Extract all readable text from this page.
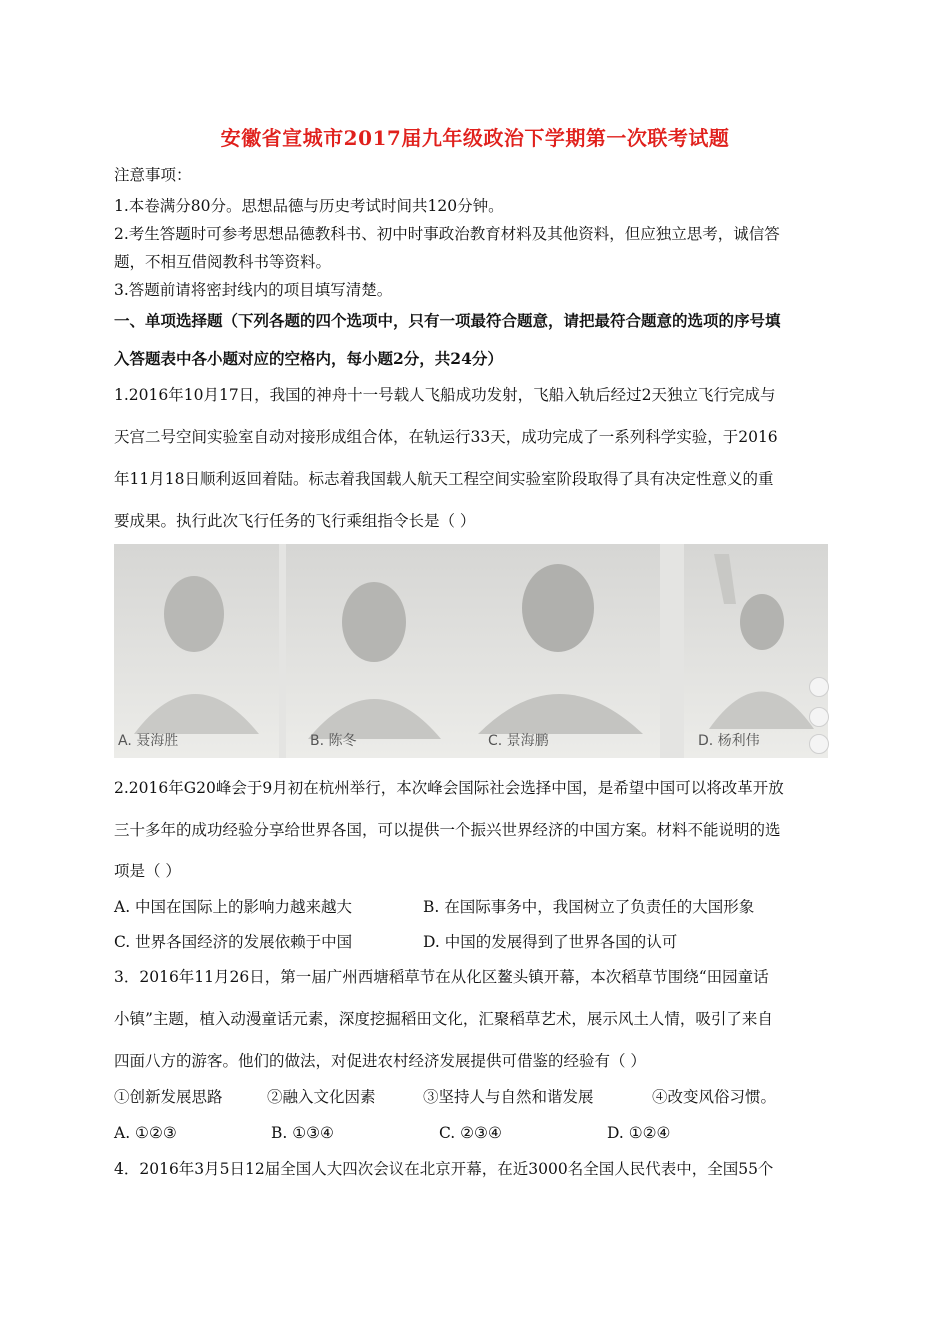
安徽省宣城市2017届九年级政治下学期第一次联考试题
注意事项：
1.本卷满分80分。思想品德与历史考试时间共120分钟。
2.考生答题时可参考思想品德教科书、初中时事政治教育材料及其他资料，但应独立思考，诚信答
题，不相互借阅教科书等资料。
3.答题前请将密封线内的项目填写清楚。
一、单项选择题（下列各题的四个选项中，只有一项最符合题意，请把最符合题意的选项的序号填
入答题表中各小题对应的空格内，每小题2分，共24分）
1.2016年10月17日，我国的神舟十一号载人飞船成功发射，飞船入轨后经过2天独立飞行完成与
天宫二号空间实验室自动对接形成组合体，在轨运行33天，成功完成了一系列科学实验，于2016
年11月18日顺利返回着陆。标志着我国载人航天工程空间实验室阶段取得了具有决定性意义的重
要成果。执行此次飞行任务的飞行乘组指令长是（ ）
A. 聂海胜	B. 陈冬	C. 景海鹏	D. 杨利伟
2.2016年G20峰会于9月初在杭州举行，本次峰会国际社会选择中国，是希望中国可以将改革开放
三十多年的成功经验分享给世界各国，可以提供一个振兴世界经济的中国方案。材料不能说明的选
项是（ ）
A. 中国在国际上的影响力越来越大	B. 在国际事务中，我国树立了负责任的大国形象
C. 世界各国经济的发展依赖于中国	D. 中国的发展得到了世界各国的认可
3．2016年11月26日，第一届广州西塘稻草节在从化区鳌头镇开幕，本次稻草节围绕“田园童话
小镇”主题，植入动漫童话元素，深度挖掘稻田文化，汇聚稻草艺术，展示风土人情，吸引了来自
四面八方的游客。他们的做法，对促进农村经济发展提供可借鉴的经验有（ ）
①创新发展思路	②融入文化因素	③坚持人与自然和谐发展	④改变风俗习惯。
A. ①②③	B. ①③④	C. ②③④	D. ①②④
4．2016年3月5日12届全国人大四次会议在北京开幕，在近3000名全国人民代表中，全国55个
